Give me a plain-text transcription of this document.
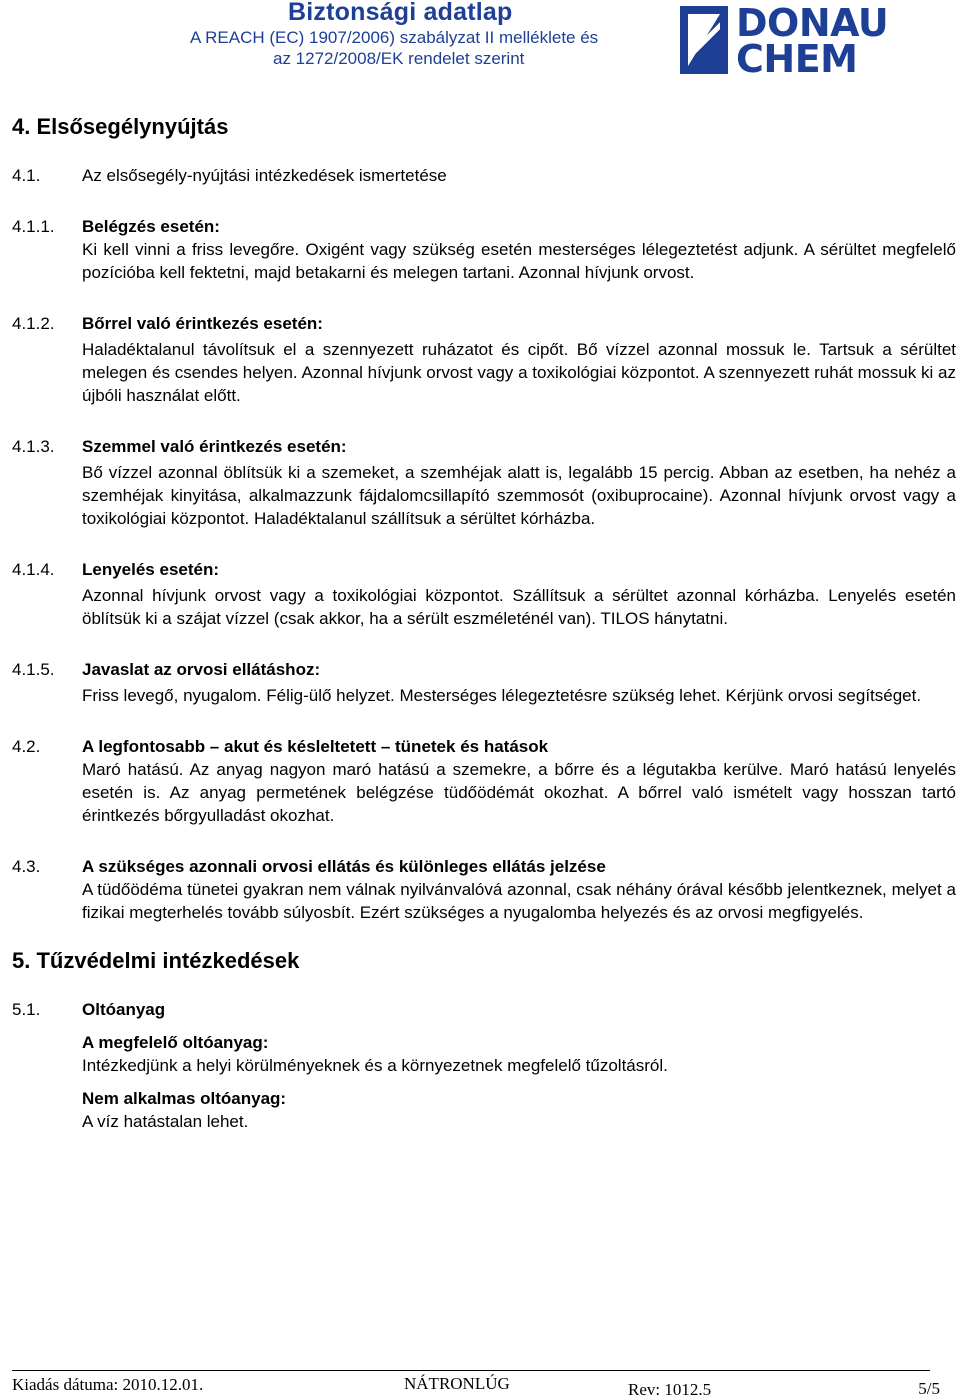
Biztonsági adatlap
A REACH (EC) 1907/2006) szabályzat II melléklete és
az 1272/2008/EK rendelet szerint
DONAU
CHEM
4. Elsősegélynyújtás
4.1.	Az elsősegély-nyújtási intézkedések ismertetése
4.1.1.	Belégzés esetén:
Ki kell vinni a friss levegőre. Oxigént vagy szükség esetén mesterséges lélegeztetést adjunk. A sérültet megfelelő pozícióba kell fektetni, majd betakarni és melegen tartani. Azonnal hívjunk orvost.
4.1.2.	Bőrrel való érintkezés esetén:
Haladéktalanul távolítsuk el a szennyezett ruházatot és cipőt. Bő vízzel azonnal mossuk le. Tartsuk a sérültet melegen és csendes helyen. Azonnal hívjunk orvost vagy a toxikológiai központot. A szennyezett ruhát mossuk ki az újbóli használat előtt.
4.1.3.	Szemmel való érintkezés esetén:
Bő vízzel azonnal öblítsük ki a szemeket, a szemhéjak alatt is, legalább 15 percig. Abban az esetben, ha nehéz a szemhéjak kinyitása, alkalmazzunk fájdalomcsillapító szemmosót (oxibuprocaine). Azonnal hívjunk orvost vagy a toxikológiai központot. Haladéktalanul szállítsuk a sérültet kórházba.
4.1.4.	Lenyelés esetén:
Azonnal hívjunk orvost vagy a toxikológiai központot. Szállítsuk a sérültet azonnal kórházba. Lenyelés esetén öblítsük ki a szájat vízzel (csak akkor, ha a sérült eszméleténél van). TILOS hánytatni.
4.1.5.	Javaslat az orvosi ellátáshoz:
Friss levegő, nyugalom. Félig-ülő helyzet. Mesterséges lélegeztetésre szükség lehet. Kérjünk orvosi segítséget.
4.2.	A legfontosabb – akut és késleltetett – tünetek és hatások
Maró hatású. Az anyag nagyon maró hatású a szemekre, a bőrre és a légutakba kerülve. Maró hatású lenyelés esetén is. Az anyag permetének belégzése tüdőödémát okozhat. A bőrrel való ismételt vagy hosszan tartó érintkezés bőrgyulladást okozhat.
4.3.	A szükséges azonnali orvosi ellátás és különleges ellátás jelzése
A tüdőödéma tünetei gyakran nem válnak nyilvánvalóvá azonnal, csak néhány órával később jelentkeznek, melyet a fizikai megterhelés tovább súlyosbít. Ezért szükséges a nyugalomba helyezés és az orvosi megfigyelés.
5. Tűzvédelmi intézkedések
5.1.	Oltóanyag
A megfelelő oltóanyag:
Intézkedjünk a helyi körülményeknek és a környezetnek megfelelő tűzoltásról.
Nem alkalmas oltóanyag:
A víz hatástalan lehet.
Kiadás dátuma: 2010.12.01.	NÁTRONLÚG	Rev: 1012.5	5/5
